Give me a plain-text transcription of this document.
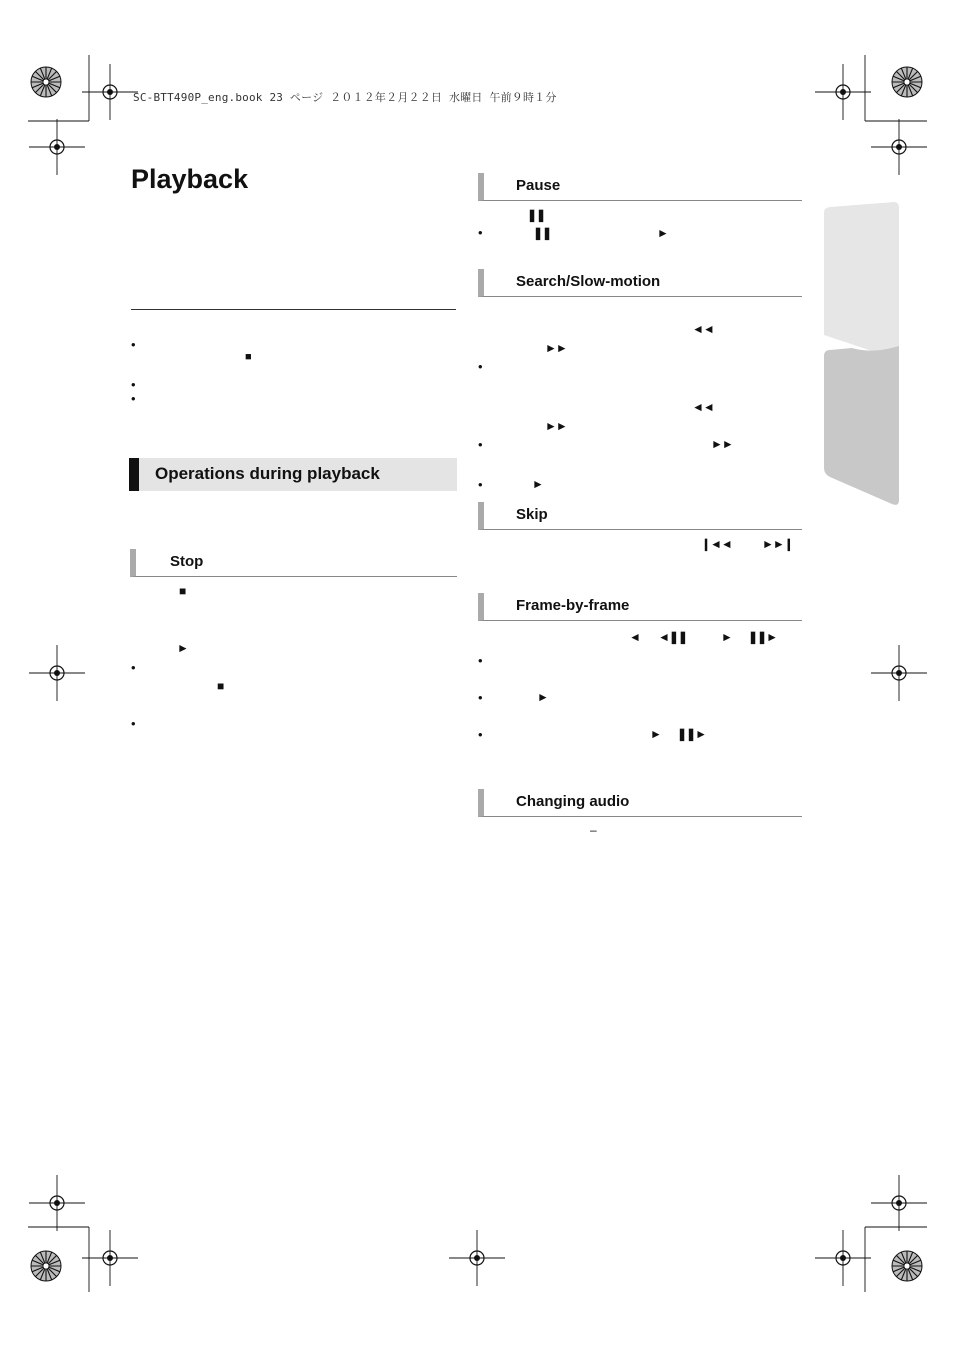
SC-BTT490P_eng.book 23 ページ ２０１２年２月２２日 水曜日 午前９時１分
Playback
•
■
•
•
Operations during playback
Stop
■
►
•
■
•
Pause
❚❚
•	❚❚	►
Search/Slow-motion
◄◄
►►
•
◄◄
►►
•	►►
•	►
Skip
❙◄◄	►►❙
Frame-by-frame
◄ ◄❚❚	► ❚❚►
•
•	►
•	► ❚❚►
Changing audio
–
